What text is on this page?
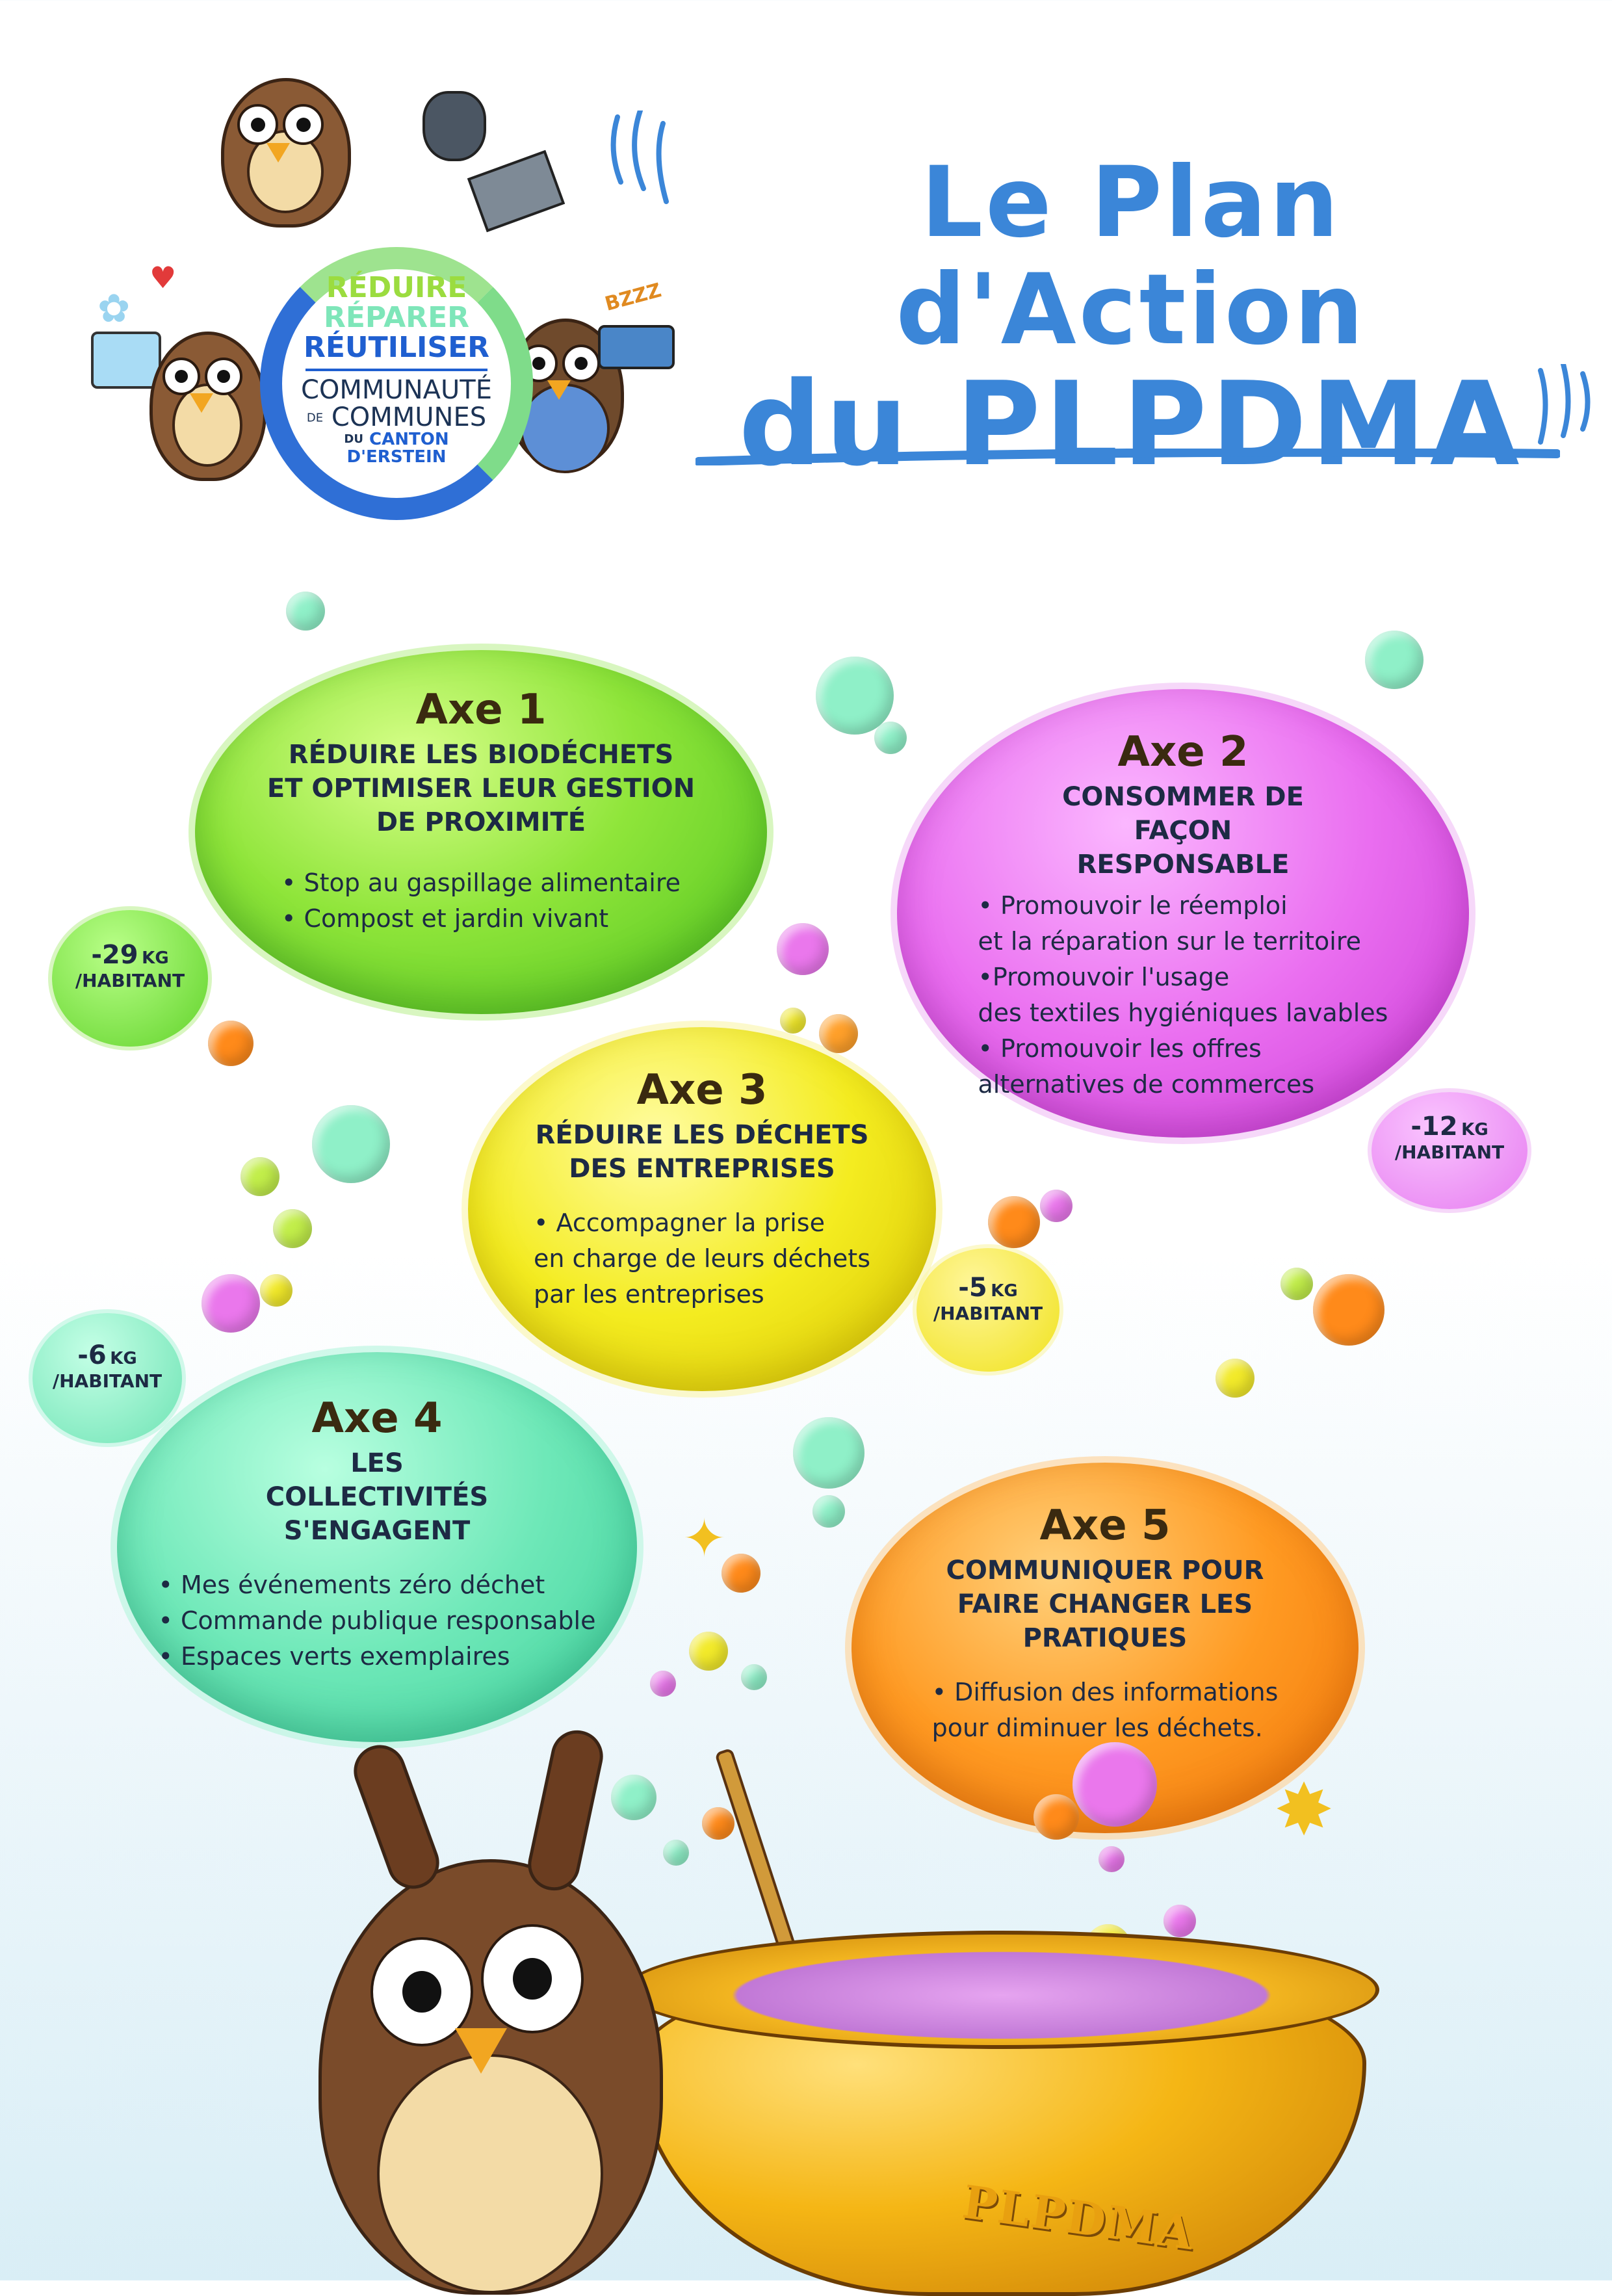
♥
✿	BZZZ
RÉDUIRE
RÉPARER
RÉUTILISER
COMMUNAUTÉ
DE COMMUNES
DU CANTON D'ERSTEIN
Le Plan d'Action
du PLPDMA
Axe 1
RÉDUIRE LES BIODÉCHETS ET OPTIMISER LEUR GESTION DE PROXIMITÉ
• Stop au gaspillage alimentaire
• Compost et jardin vivant
Axe 2
CONSOMMER DE FAÇON RESPONSABLE
• Promouvoir le réemploi
et la réparation sur le territoire
•Promouvoir l'usage
des textiles hygiéniques lavables
• Promouvoir les offres
alternatives de commerces
Axe 3
RÉDUIRE LES DÉCHETS DES ENTREPRISES
• Accompagner la prise
en charge de leurs déchets
par les entreprises
Axe 4
LES COLLECTIVITÉS S'ENGAGENT
• Mes événements zéro déchet
• Commande publique responsable
• Espaces verts exemplaires
Axe 5
COMMUNIQUER POUR FAIRE CHANGER LES PRATIQUES
• Diffusion des informations
pour diminuer les déchets.
-29 KG
/HABITANT
-12 KG
/HABITANT
-5 KG
/HABITANT
-6 KG
/HABITANT
✦
✸
PLPDMA
